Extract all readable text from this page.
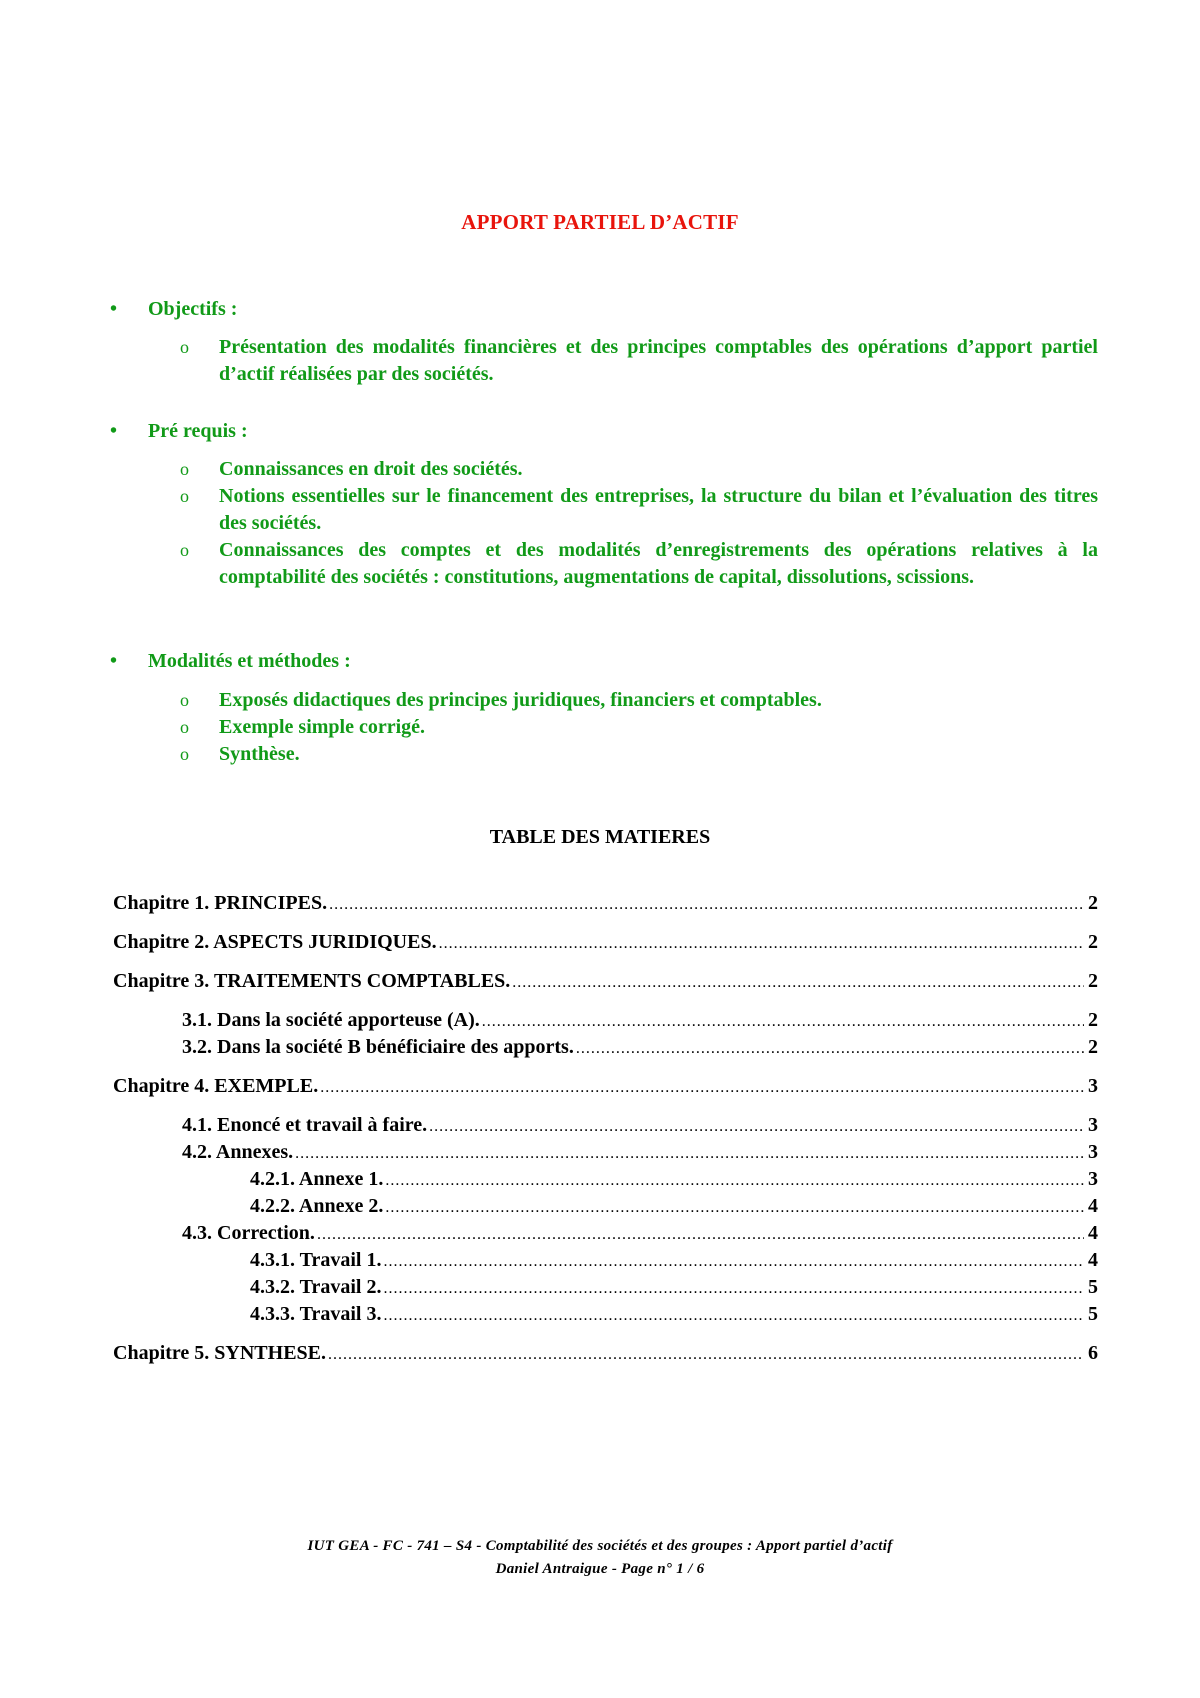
APPORT PARTIEL D’ACTIF
• Objectifs :
o Présentation des modalités financières et des principes comptables des opérations d’apport partiel d’actif réalisées par des sociétés.
• Pré requis :
o Connaissances en droit des sociétés.
o Notions essentielles sur le financement des entreprises, la structure du bilan et l’évaluation des titres des sociétés.
o Connaissances des comptes et des modalités d’enregistrements des opérations relatives à la comptabilité des sociétés : constitutions, augmentations de capital, dissolutions, scissions.
• Modalités et méthodes :
o Exposés didactiques des principes juridiques, financiers et comptables.
o Exemple simple corrigé.
o Synthèse.
TABLE DES MATIERES
Chapitre 1. PRINCIPES. .....	2
Chapitre 2. ASPECTS JURIDIQUES. .....	2
Chapitre 3. TRAITEMENTS COMPTABLES. .....	2
3.1. Dans la société apporteuse (A). .....	2
3.2. Dans la société B bénéficiaire des apports. .....	2
Chapitre 4. EXEMPLE. .....	3
4.1. Enoncé et travail à faire. .....	3
4.2. Annexes. .....	3
4.2.1. Annexe 1. .....	3
4.2.2. Annexe 2. .....	4
4.3. Correction. .....	4
4.3.1. Travail 1. .....	4
4.3.2. Travail 2. .....	5
4.3.3. Travail 3. .....	5
Chapitre 5. SYNTHESE. .....	6
IUT GEA - FC - 741 – S4 - Comptabilité des sociétés et des groupes : Apport partiel d’actif
Daniel Antraigue - Page n° 1 / 6
